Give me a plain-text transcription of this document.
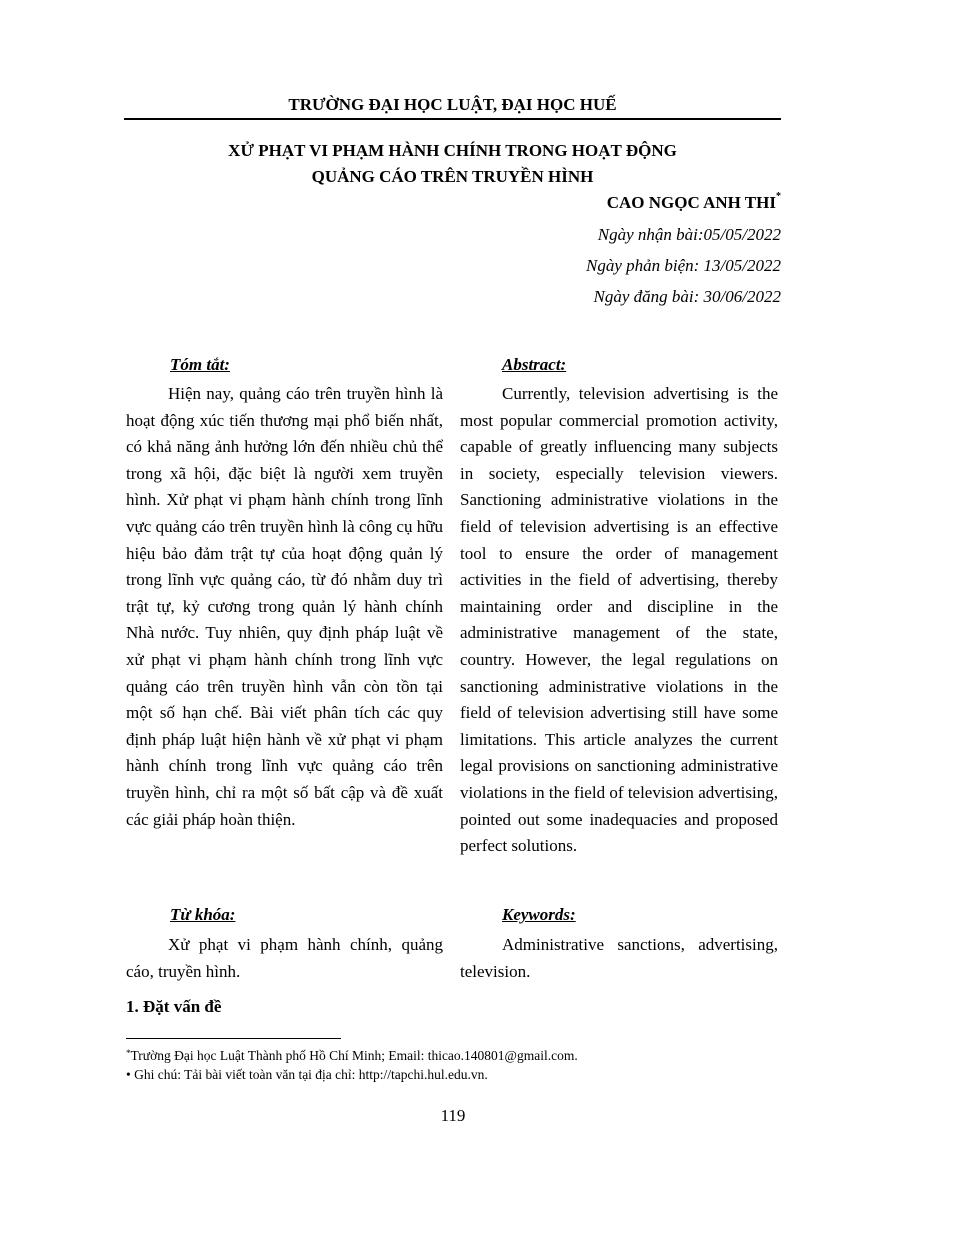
TRƯỜNG ĐẠI HỌC LUẬT, ĐẠI HỌC HUẾ
XỬ PHẠT VI PHẠM HÀNH CHÍNH TRONG HOẠT ĐỘNG
QUẢNG CÁO TRÊN TRUYỀN HÌNH
CAO NGỌC ANH THI*
Ngày nhận bài:05/05/2022
Ngày phản biện: 13/05/2022
Ngày đăng bài: 30/06/2022
Tóm tắt:	Abstract:

Hiện nay, quảng cáo trên truyền hình là hoạt động xúc tiến thương mại phổ biến nhất, có khả năng ảnh hưởng lớn đến nhiều chủ thể trong xã hội, đặc biệt là người xem truyền hình. Xử phạt vi phạm hành chính trong lĩnh vực quảng cáo trên truyền hình là công cụ hữu hiệu bảo đảm trật tự của hoạt động quản lý trong lĩnh vực quảng cáo, từ đó nhằm duy trì trật tự, kỷ cương trong quản lý hành chính Nhà nước. Tuy nhiên, quy định pháp luật về xử phạt vi phạm hành chính trong lĩnh vực quảng cáo trên truyền hình vẫn còn tồn tại một số hạn chế. Bài viết phân tích các quy định pháp luật hiện hành về xử phạt vi phạm hành chính trong lĩnh vực quảng cáo trên truyền hình, chỉ ra một số bất cập và đề xuất các giải pháp hoàn thiện.

Currently, television advertising is the most popular commercial promotion activity, capable of greatly influencing many subjects in society, especially television viewers. Sanctioning administrative violations in the field of television advertising is an effective tool to ensure the order of management activities in the field of advertising, thereby maintaining order and discipline in the administrative management of the state, country. However, the legal regulations on sanctioning administrative violations in the field of television advertising still have some limitations. This article analyzes the current legal provisions on sanctioning administrative violations in the field of television advertising, pointed out some inadequacies and proposed perfect solutions.

Từ khóa:	Keywords:

Xử phạt vi phạm hành chính, quảng cáo, truyền hình.

Administrative sanctions, advertising, television.

1. Đặt vấn đề
*Trường Đại học Luật Thành phố Hồ Chí Minh; Email: thicao.140801@gmail.com.
• Ghi chú: Tải bài viết toàn văn tại địa chỉ: http://tapchi.hul.edu.vn.
119
